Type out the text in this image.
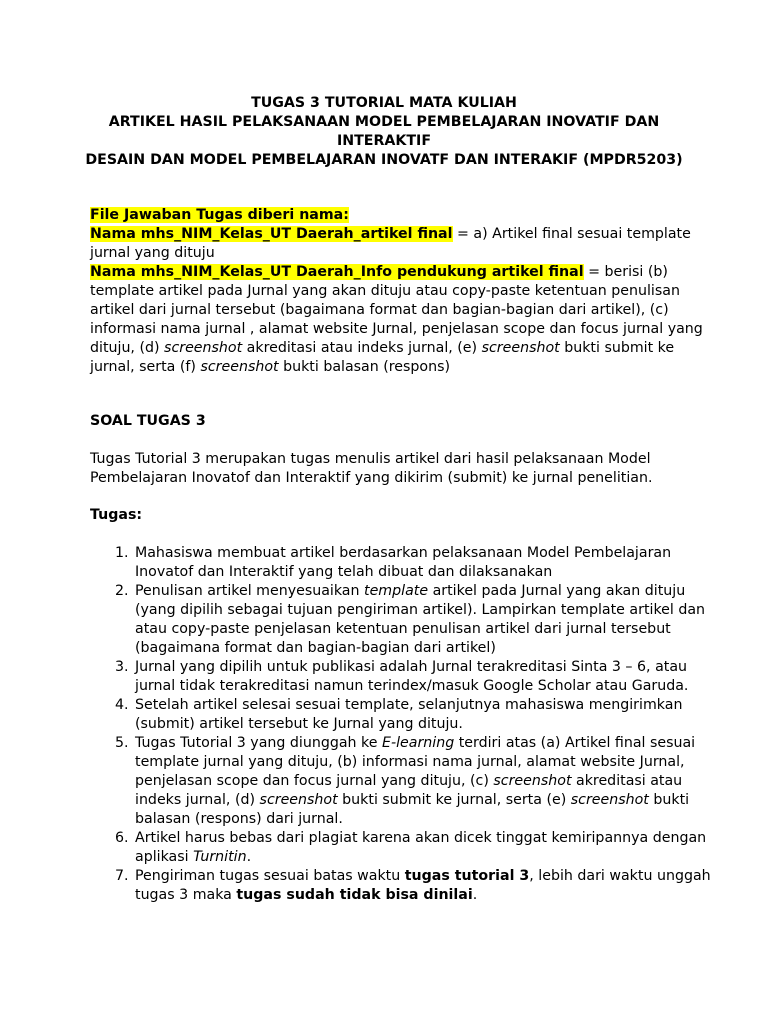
TUGAS 3 TUTORIAL MATA KULIAH
ARTIKEL HASIL PELAKSANAAN MODEL PEMBELAJARAN INOVATIF DAN
INTERAKTIF
DESAIN DAN MODEL PEMBELAJARAN INOVATF DAN INTERAKIF (MPDR5203)
File Jawaban Tugas diberi nama:
Nama mhs_NIM_Kelas_UT Daerah_artikel final = a) Artikel final sesuai template
jurnal yang dituju
Nama mhs_NIM_Kelas_UT Daerah_Info pendukung artikel final = berisi (b)
template artikel pada Jurnal yang akan dituju atau copy-paste ketentuan penulisan
artikel dari jurnal tersebut (bagaimana format dan bagian-bagian dari artikel), (c)
informasi nama jurnal , alamat website Jurnal, penjelasan scope dan focus jurnal yang
dituju, (d) screenshot akreditasi atau indeks jurnal, (e) screenshot bukti submit ke
jurnal, serta (f) screenshot bukti balasan (respons)
SOAL TUGAS 3
Tugas Tutorial 3 merupakan tugas menulis artikel dari hasil pelaksanaan Model
Pembelajaran Inovatof dan Interaktif yang dikirim (submit) ke jurnal penelitian.
Tugas:
1. Mahasiswa membuat artikel berdasarkan pelaksanaan Model Pembelajaran
Inovatof dan Interaktif yang telah dibuat dan dilaksanakan
2. Penulisan artikel menyesuaikan template artikel pada Jurnal yang akan dituju
(yang dipilih sebagai tujuan pengiriman artikel). Lampirkan template artikel dan
atau copy-paste penjelasan ketentuan penulisan artikel dari jurnal tersebut
(bagaimana format dan bagian-bagian dari artikel)
3. Jurnal yang dipilih untuk publikasi adalah Jurnal terakreditasi Sinta 3 – 6, atau
jurnal tidak terakreditasi namun terindex/masuk Google Scholar atau Garuda.
4. Setelah artikel selesai sesuai template, selanjutnya mahasiswa mengirimkan
(submit) artikel tersebut ke Jurnal yang dituju.
5. Tugas Tutorial 3 yang diunggah ke E-learning terdiri atas (a) Artikel final sesuai
template jurnal yang dituju, (b) informasi nama jurnal, alamat website Jurnal,
penjelasan scope dan focus jurnal yang dituju, (c) screenshot akreditasi atau
indeks jurnal, (d) screenshot bukti submit ke jurnal, serta (e) screenshot bukti
balasan (respons) dari jurnal.
6. Artikel harus bebas dari plagiat karena akan dicek tinggat kemiripannya dengan
aplikasi Turnitin.
7. Pengiriman tugas sesuai batas waktu tugas tutorial 3, lebih dari waktu unggah
tugas 3 maka tugas sudah tidak bisa dinilai.
